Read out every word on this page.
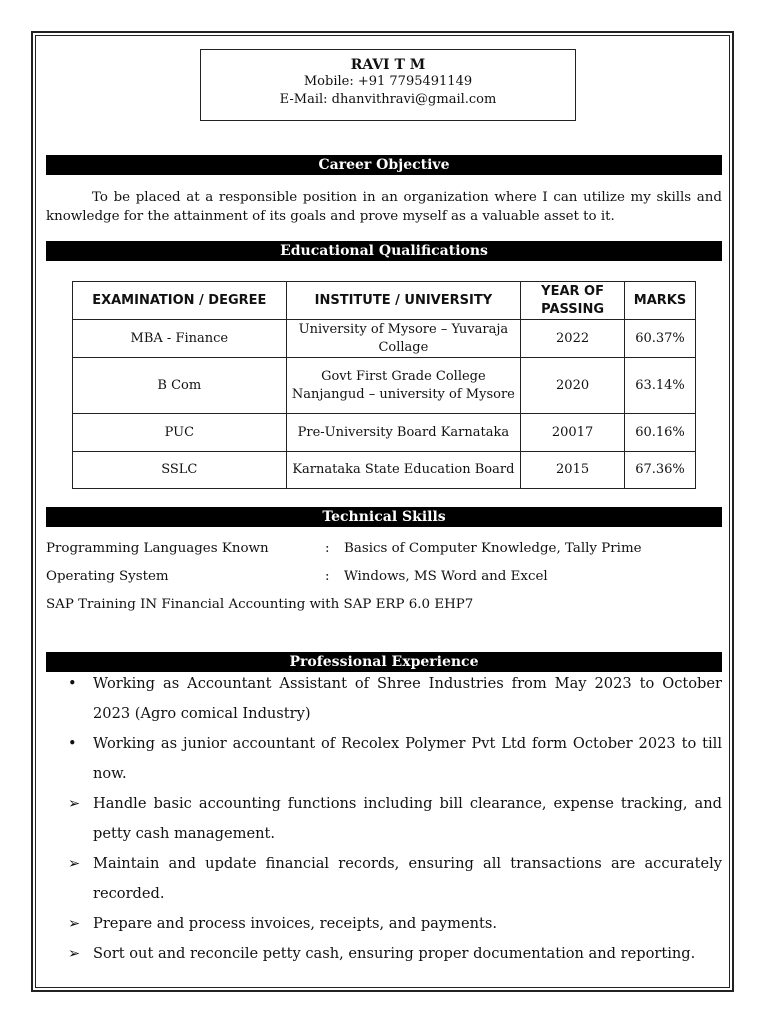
RAVI T M
Mobile: +91 7795491149
E-Mail: dhanvithravi@gmail.com
Career Objective
To be placed at a responsible position in an organization where I can utilize my skills and knowledge for the attainment of its goals and prove myself as a valuable asset to it.
Educational Qualifications
EXAMINATION / DEGREE	INSTITUTE / UNIVERSITY	YEAR OF PASSING	MARKS
MBA - Finance	University of Mysore – Yuvaraja Collage	2022	60.37%
B Com	Govt First Grade College Nanjangud – university of Mysore	2020	63.14%
PUC	Pre-University Board Karnataka	20017	60.16%
SSLC	Karnataka State Education Board	2015	67.36%
Technical Skills
Programming Languages Known	: Basics of Computer Knowledge, Tally Prime
Operating System	: Windows, MS Word and Excel
SAP Training IN Financial Accounting with SAP ERP 6.0 EHP7
Professional Experience
• Working as Accountant Assistant of Shree Industries from May 2023 to October 2023 (Agro comical Industry)
• Working as junior accountant of Recolex Polymer Pvt Ltd form October 2023 to till now.
➢ Handle basic accounting functions including bill clearance, expense tracking, and petty cash management.
➢ Maintain and update financial records, ensuring all transactions are accurately recorded.
➢ Prepare and process invoices, receipts, and payments.
➢ Sort out and reconcile petty cash, ensuring proper documentation and reporting.
